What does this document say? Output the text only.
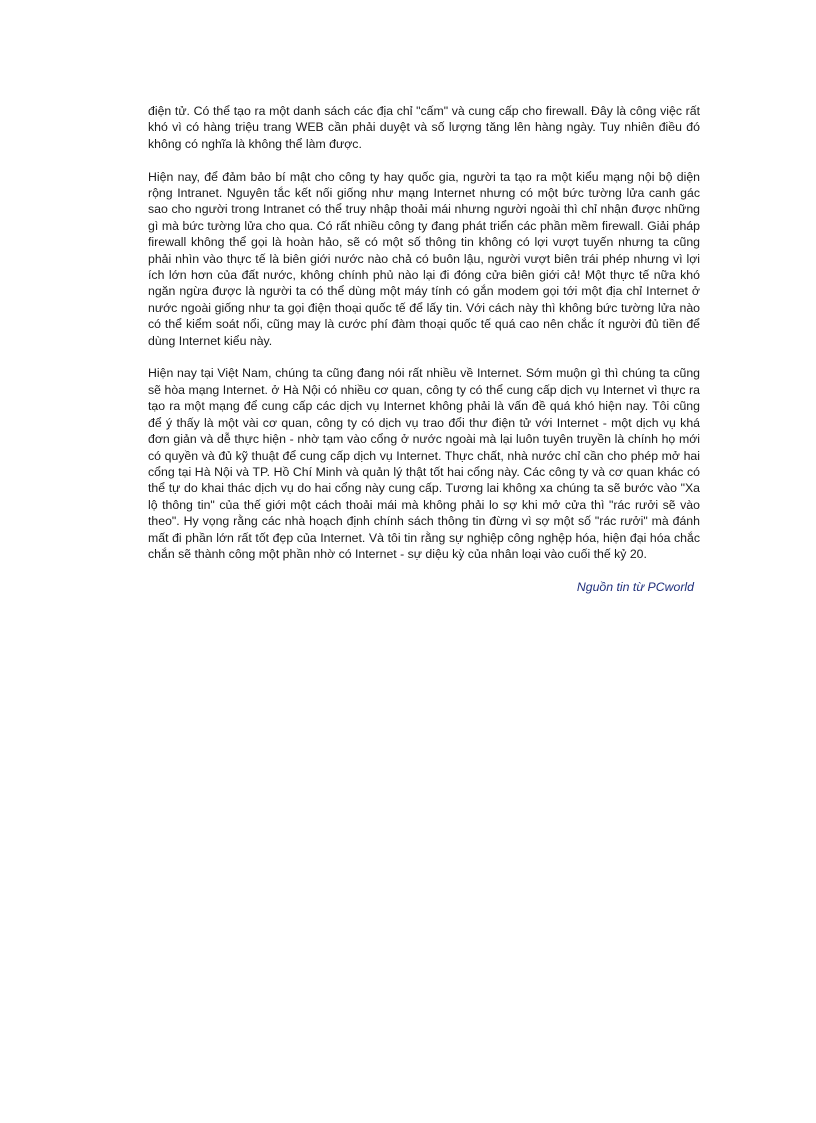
điện tử. Có thể tạo ra một danh sách các địa chỉ "cấm" và cung cấp cho firewall. Đây là công việc rất khó vì có hàng triệu trang WEB cần phải duyệt và số lượng tăng lên hàng ngày. Tuy nhiên điều đó không có nghĩa là không thể làm được.

Hiện nay, để đảm bảo bí mật cho công ty hay quốc gia, người ta tạo ra một kiểu mạng nội bộ diện rộng Intranet. Nguyên tắc kết nối giống như mạng Internet nhưng có một bức tường lửa canh gác sao cho người trong Intranet có thể truy nhập thoải mái nhưng người ngoài thì chỉ nhận được những gì mà bức tường lửa cho qua. Có rất nhiều công ty đang phát triển các phần mềm firewall. Giải pháp firewall không thể gọi là hoàn hảo, sẽ có một số thông tin không có lợi vượt tuyến nhưng ta cũng phải nhìn vào thực tế là biên giới nước nào chả có buôn lậu, người vượt biên trái phép nhưng vì lợi ích lớn hơn của đất nước, không chính phủ nào lại đi đóng cửa biên giới cả! Một thực tế nữa khó ngăn ngừa được là người ta có thể dùng một máy tính có gắn modem gọi tới một địa chỉ Internet ở nước ngoài giống như ta gọi điện thoại quốc tế để lấy tin. Với cách này thì không bức tường lửa nào có thể kiểm soát nổi, cũng may là cước phí đàm thoại quốc tế quá cao nên chắc ít người đủ tiền để dùng Internet kiểu này.

Hiện nay tại Việt Nam, chúng ta cũng đang nói rất nhiều về Internet. Sớm muộn gì thì chúng ta cũng sẽ hòa mạng Internet. ở Hà Nội có nhiều cơ quan, công ty có thể cung cấp dịch vụ Internet vì thực ra tạo ra một mạng để cung cấp các dịch vụ Internet không phải là vấn đề quá khó hiện nay. Tôi cũng để ý thấy là một vài cơ quan, công ty có dịch vụ trao đổi thư điện tử với Internet - một dịch vụ khá đơn giản và dễ thực hiện - nhờ tạm vào cổng ở nước ngoài mà lại luôn tuyên truyền là chính họ mới có quyền và đủ kỹ thuật để cung cấp dịch vụ Internet. Thực chất, nhà nước chỉ cần cho phép mở hai cổng tại Hà Nội và TP. Hồ Chí Minh và quản lý thật tốt hai cổng này. Các công ty và cơ quan khác có thể tự do khai thác dịch vụ do hai cổng này cung cấp. Tương lai không xa chúng ta sẽ bước vào "Xa lộ thông tin" của thế giới một cách thoải mái mà không phải lo sợ khi mở cửa thì "rác rưởi sẽ vào theo". Hy vọng rằng các nhà hoạch định chính sách thông tin đừng vì sợ một số "rác rưởi" mà đánh mất đi phần lớn rất tốt đẹp của Internet. Và tôi tin rằng sự nghiệp công nghệp hóa, hiện đại hóa chắc chắn sẽ thành công một phần nhờ có Internet - sự diệu kỳ của nhân loại vào cuối thế kỷ 20.

Nguồn tin từ PCworld
